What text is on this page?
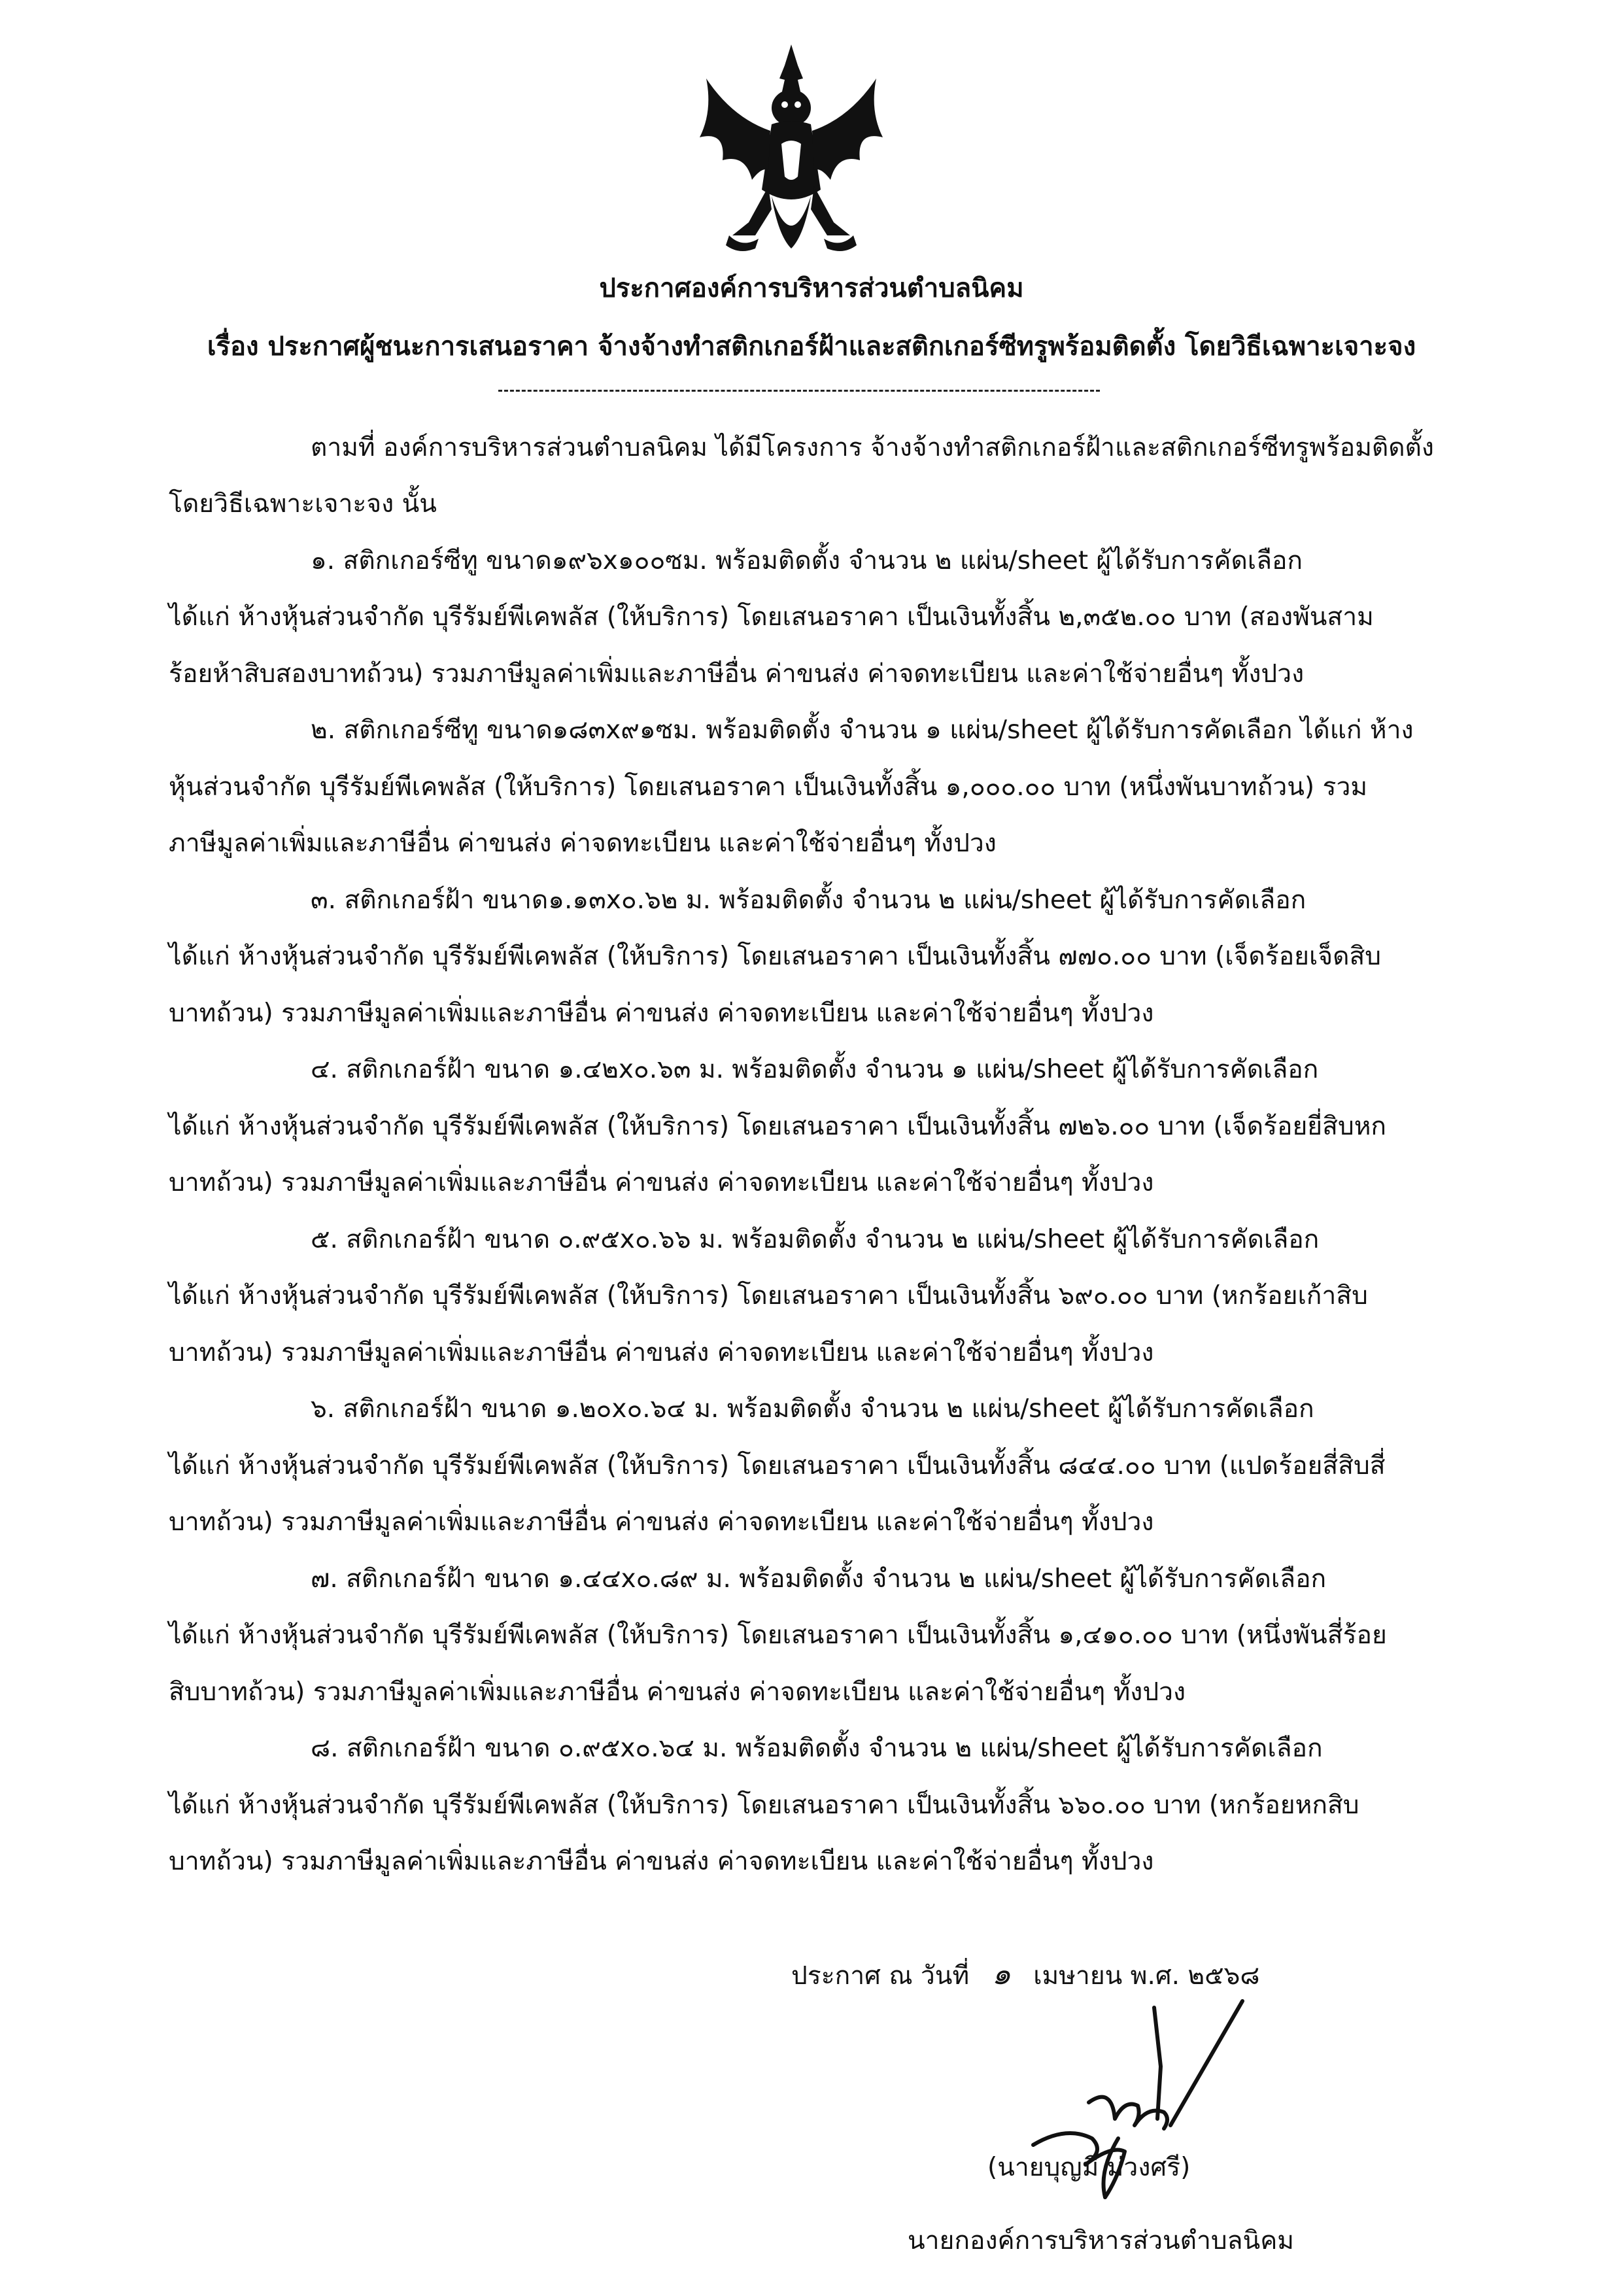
ประกาศองค์การบริหารส่วนตำบลนิคม
เรื่อง ประกาศผู้ชนะการเสนอราคา จ้างจ้างทำสติกเกอร์ฝ้าและสติกเกอร์ซีทรูพร้อมติดตั้ง โดยวิธีเฉพาะเจาะจง
ตามที่ องค์การบริหารส่วนตำบลนิคม ได้มีโครงการ จ้างจ้างทำสติกเกอร์ฝ้าและสติกเกอร์ซีทรูพร้อมติดตั้ง
โดยวิธีเฉพาะเจาะจง นั้น
๑. สติกเกอร์ซีทู ขนาด๑๙๖x๑๐๐ซม. พร้อมติดตั้ง จำนวน ๒ แผ่น/sheet ผู้ได้รับการคัดเลือก
ได้แก่ ห้างหุ้นส่วนจำกัด บุรีรัมย์พีเคพลัส (ให้บริการ) โดยเสนอราคา เป็นเงินทั้งสิ้น ๒,๓๕๒.๐๐ บาท (สองพันสาม
ร้อยห้าสิบสองบาทถ้วน) รวมภาษีมูลค่าเพิ่มและภาษีอื่น ค่าขนส่ง ค่าจดทะเบียน และค่าใช้จ่ายอื่นๆ ทั้งปวง
๒. สติกเกอร์ซีทู ขนาด๑๘๓x๙๑ซม. พร้อมติดตั้ง จำนวน ๑ แผ่น/sheet ผู้ได้รับการคัดเลือก ได้แก่ ห้าง
หุ้นส่วนจำกัด บุรีรัมย์พีเคพลัส (ให้บริการ) โดยเสนอราคา เป็นเงินทั้งสิ้น ๑,๐๐๐.๐๐ บาท (หนึ่งพันบาทถ้วน) รวม
ภาษีมูลค่าเพิ่มและภาษีอื่น ค่าขนส่ง ค่าจดทะเบียน และค่าใช้จ่ายอื่นๆ ทั้งปวง
๓. สติกเกอร์ฝ้า ขนาด๑.๑๓x๐.๖๒ ม. พร้อมติดตั้ง จำนวน ๒ แผ่น/sheet ผู้ได้รับการคัดเลือก
ได้แก่ ห้างหุ้นส่วนจำกัด บุรีรัมย์พีเคพลัส (ให้บริการ) โดยเสนอราคา เป็นเงินทั้งสิ้น ๗๗๐.๐๐ บาท (เจ็ดร้อยเจ็ดสิบ
บาทถ้วน) รวมภาษีมูลค่าเพิ่มและภาษีอื่น ค่าขนส่ง ค่าจดทะเบียน และค่าใช้จ่ายอื่นๆ ทั้งปวง
๔. สติกเกอร์ฝ้า ขนาด ๑.๔๒x๐.๖๓ ม. พร้อมติดตั้ง จำนวน ๑ แผ่น/sheet ผู้ได้รับการคัดเลือก
ได้แก่ ห้างหุ้นส่วนจำกัด บุรีรัมย์พีเคพลัส (ให้บริการ) โดยเสนอราคา เป็นเงินทั้งสิ้น ๗๒๖.๐๐ บาท (เจ็ดร้อยยี่สิบหก
บาทถ้วน) รวมภาษีมูลค่าเพิ่มและภาษีอื่น ค่าขนส่ง ค่าจดทะเบียน และค่าใช้จ่ายอื่นๆ ทั้งปวง
๕. สติกเกอร์ฝ้า ขนาด ๐.๙๕x๐.๖๖ ม. พร้อมติดตั้ง จำนวน ๒ แผ่น/sheet ผู้ได้รับการคัดเลือก
ได้แก่ ห้างหุ้นส่วนจำกัด บุรีรัมย์พีเคพลัส (ให้บริการ) โดยเสนอราคา เป็นเงินทั้งสิ้น ๖๙๐.๐๐ บาท (หกร้อยเก้าสิบ
บาทถ้วน) รวมภาษีมูลค่าเพิ่มและภาษีอื่น ค่าขนส่ง ค่าจดทะเบียน และค่าใช้จ่ายอื่นๆ ทั้งปวง
๖. สติกเกอร์ฝ้า ขนาด ๑.๒๐x๐.๖๔ ม. พร้อมติดตั้ง จำนวน ๒ แผ่น/sheet ผู้ได้รับการคัดเลือก
ได้แก่ ห้างหุ้นส่วนจำกัด บุรีรัมย์พีเคพลัส (ให้บริการ) โดยเสนอราคา เป็นเงินทั้งสิ้น ๘๔๔.๐๐ บาท (แปดร้อยสี่สิบสี่
บาทถ้วน) รวมภาษีมูลค่าเพิ่มและภาษีอื่น ค่าขนส่ง ค่าจดทะเบียน และค่าใช้จ่ายอื่นๆ ทั้งปวง
๗. สติกเกอร์ฝ้า ขนาด ๑.๔๔x๐.๘๙ ม. พร้อมติดตั้ง จำนวน ๒ แผ่น/sheet ผู้ได้รับการคัดเลือก
ได้แก่ ห้างหุ้นส่วนจำกัด บุรีรัมย์พีเคพลัส (ให้บริการ) โดยเสนอราคา เป็นเงินทั้งสิ้น ๑,๔๑๐.๐๐ บาท (หนึ่งพันสี่ร้อย
สิบบาทถ้วน) รวมภาษีมูลค่าเพิ่มและภาษีอื่น ค่าขนส่ง ค่าจดทะเบียน และค่าใช้จ่ายอื่นๆ ทั้งปวง
๘. สติกเกอร์ฝ้า ขนาด ๐.๙๕x๐.๖๔ ม. พร้อมติดตั้ง จำนวน ๒ แผ่น/sheet ผู้ได้รับการคัดเลือก
ได้แก่ ห้างหุ้นส่วนจำกัด บุรีรัมย์พีเคพลัส (ให้บริการ) โดยเสนอราคา เป็นเงินทั้งสิ้น ๖๖๐.๐๐ บาท (หกร้อยหกสิบ
บาทถ้วน) รวมภาษีมูลค่าเพิ่มและภาษีอื่น ค่าขนส่ง ค่าจดทะเบียน และค่าใช้จ่ายอื่นๆ ทั้งปวง
ประกาศ ณ วันที่ ๑ เมษายน พ.ศ. ๒๕๖๘
(นายบุญมี ม่วงศรี)
นายกองค์การบริหารส่วนตำบลนิคม
